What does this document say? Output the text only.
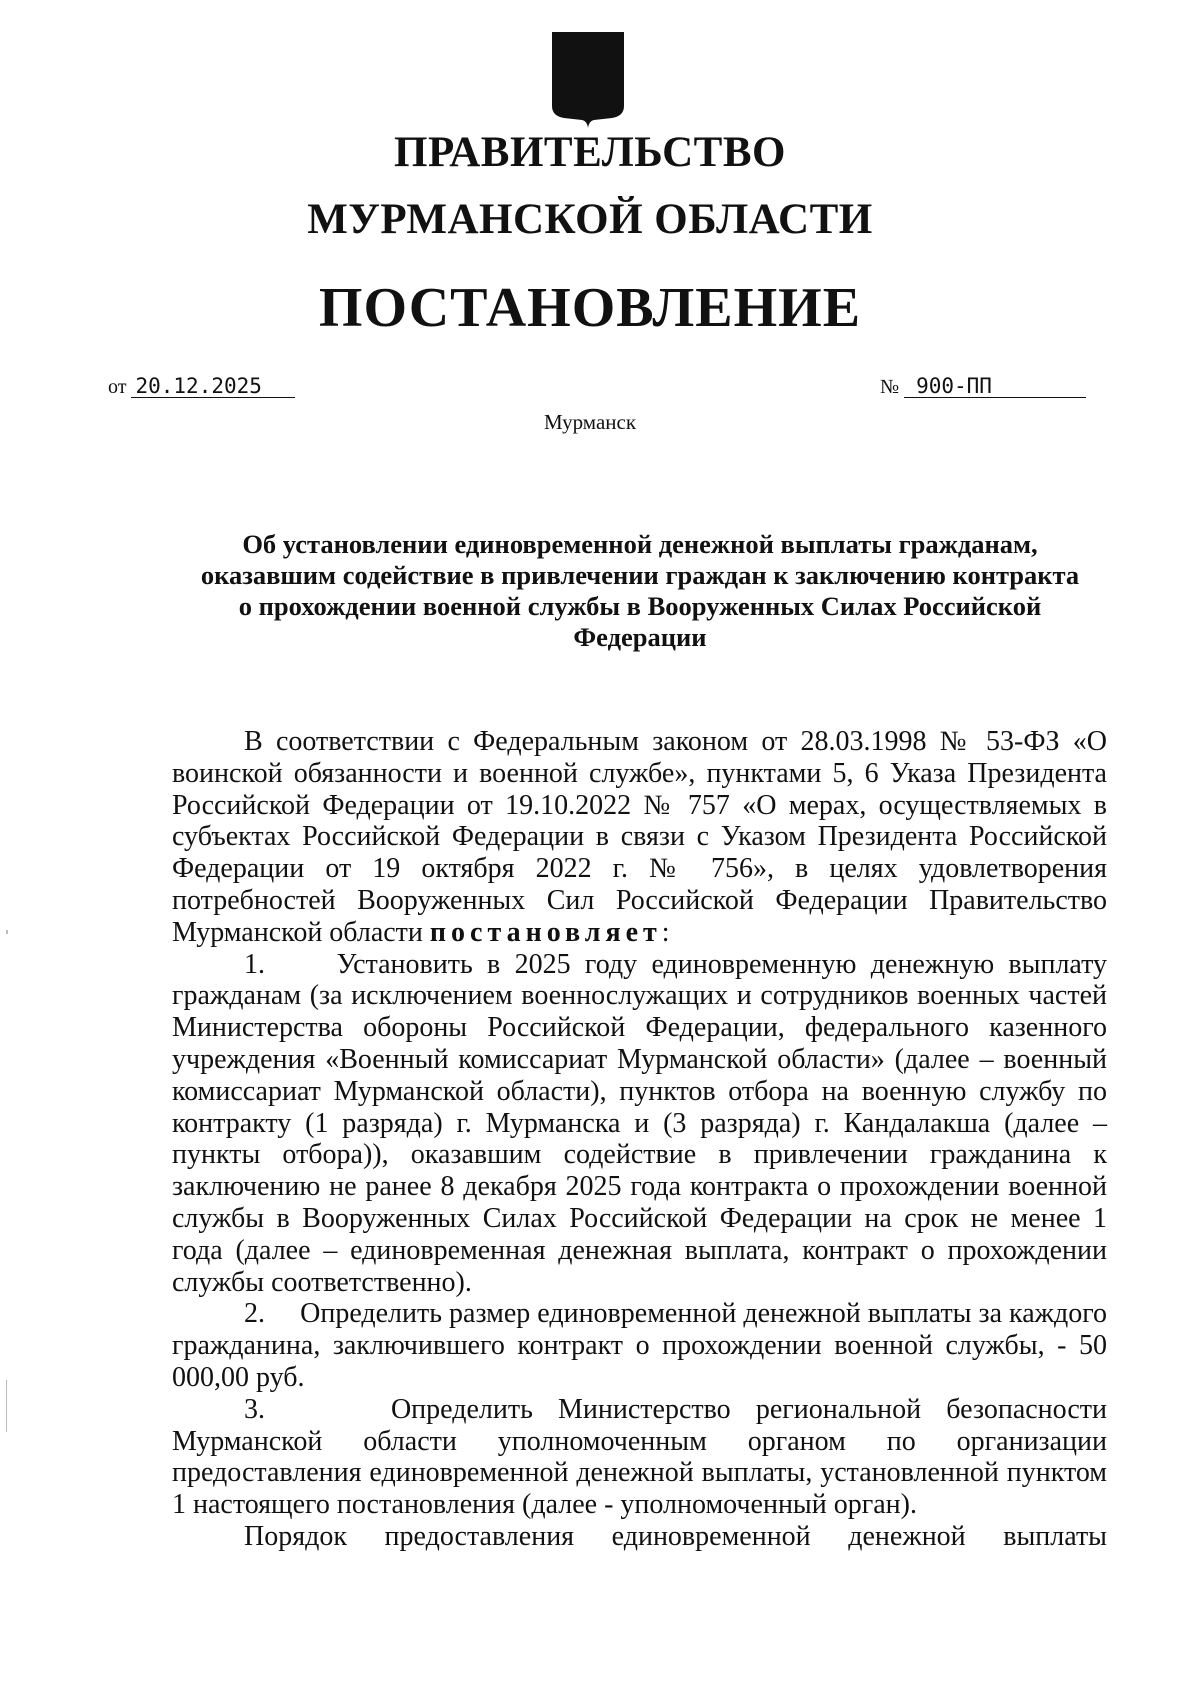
ПРАВИТЕЛЬСТВО
МУРМАНСКОЙ ОБЛАСТИ
ПОСТАНОВЛЕНИЕ
от 20.12.2025	№ 900-ПП
Мурманск
Об установлении единовременной денежной выплаты гражданам,
оказавшим содействие в привлечении граждан к заключению контракта
о прохождении военной службы в Вооруженных Силах Российской
Федерации

В соответствии с Федеральным законом от 28.03.1998 № 53-ФЗ «О воинской обязанности и военной службе», пунктами 5, 6 Указа Президента Российской Федерации от 19.10.2022 № 757 «О мерах, осуществляемых в субъектах Российской Федерации в связи с Указом Президента Российской Федерации от 19 октября 2022 г. № 756», в целях удовлетворения потребностей Вооруженных Сил Российской Федерации Правительство Мурманской области постановляет:

1.	Установить в 2025 году единовременную денежную выплату гражданам (за исключением военнослужащих и сотрудников военных частей Министерства обороны Российской Федерации, федерального казенного учреждения «Военный комиссариат Мурманской области» (далее – военный комиссариат Мурманской области), пунктов отбора на военную службу по контракту (1 разряда) г. Мурманска и (3 разряда) г. Кандалакша (далее – пункты отбора)), оказавшим содействие в привлечении гражданина к заключению не ранее 8 декабря 2025 года контракта о прохождении военной службы в Вооруженных Силах Российской Федерации на срок не менее 1 года (далее – единовременная денежная выплата, контракт о прохождении службы соответственно).

2. Определить размер единовременной денежной выплаты за каждого гражданина, заключившего контракт о прохождении военной службы, - 50 000,00 руб.

3.	Определить Министерство региональной безопасности Мурманской области уполномоченным органом по организации предоставления единовременной денежной выплаты, установленной пунктом 1 настоящего постановления (далее - уполномоченный орган).

Порядок предоставления единовременной денежной выплаты
